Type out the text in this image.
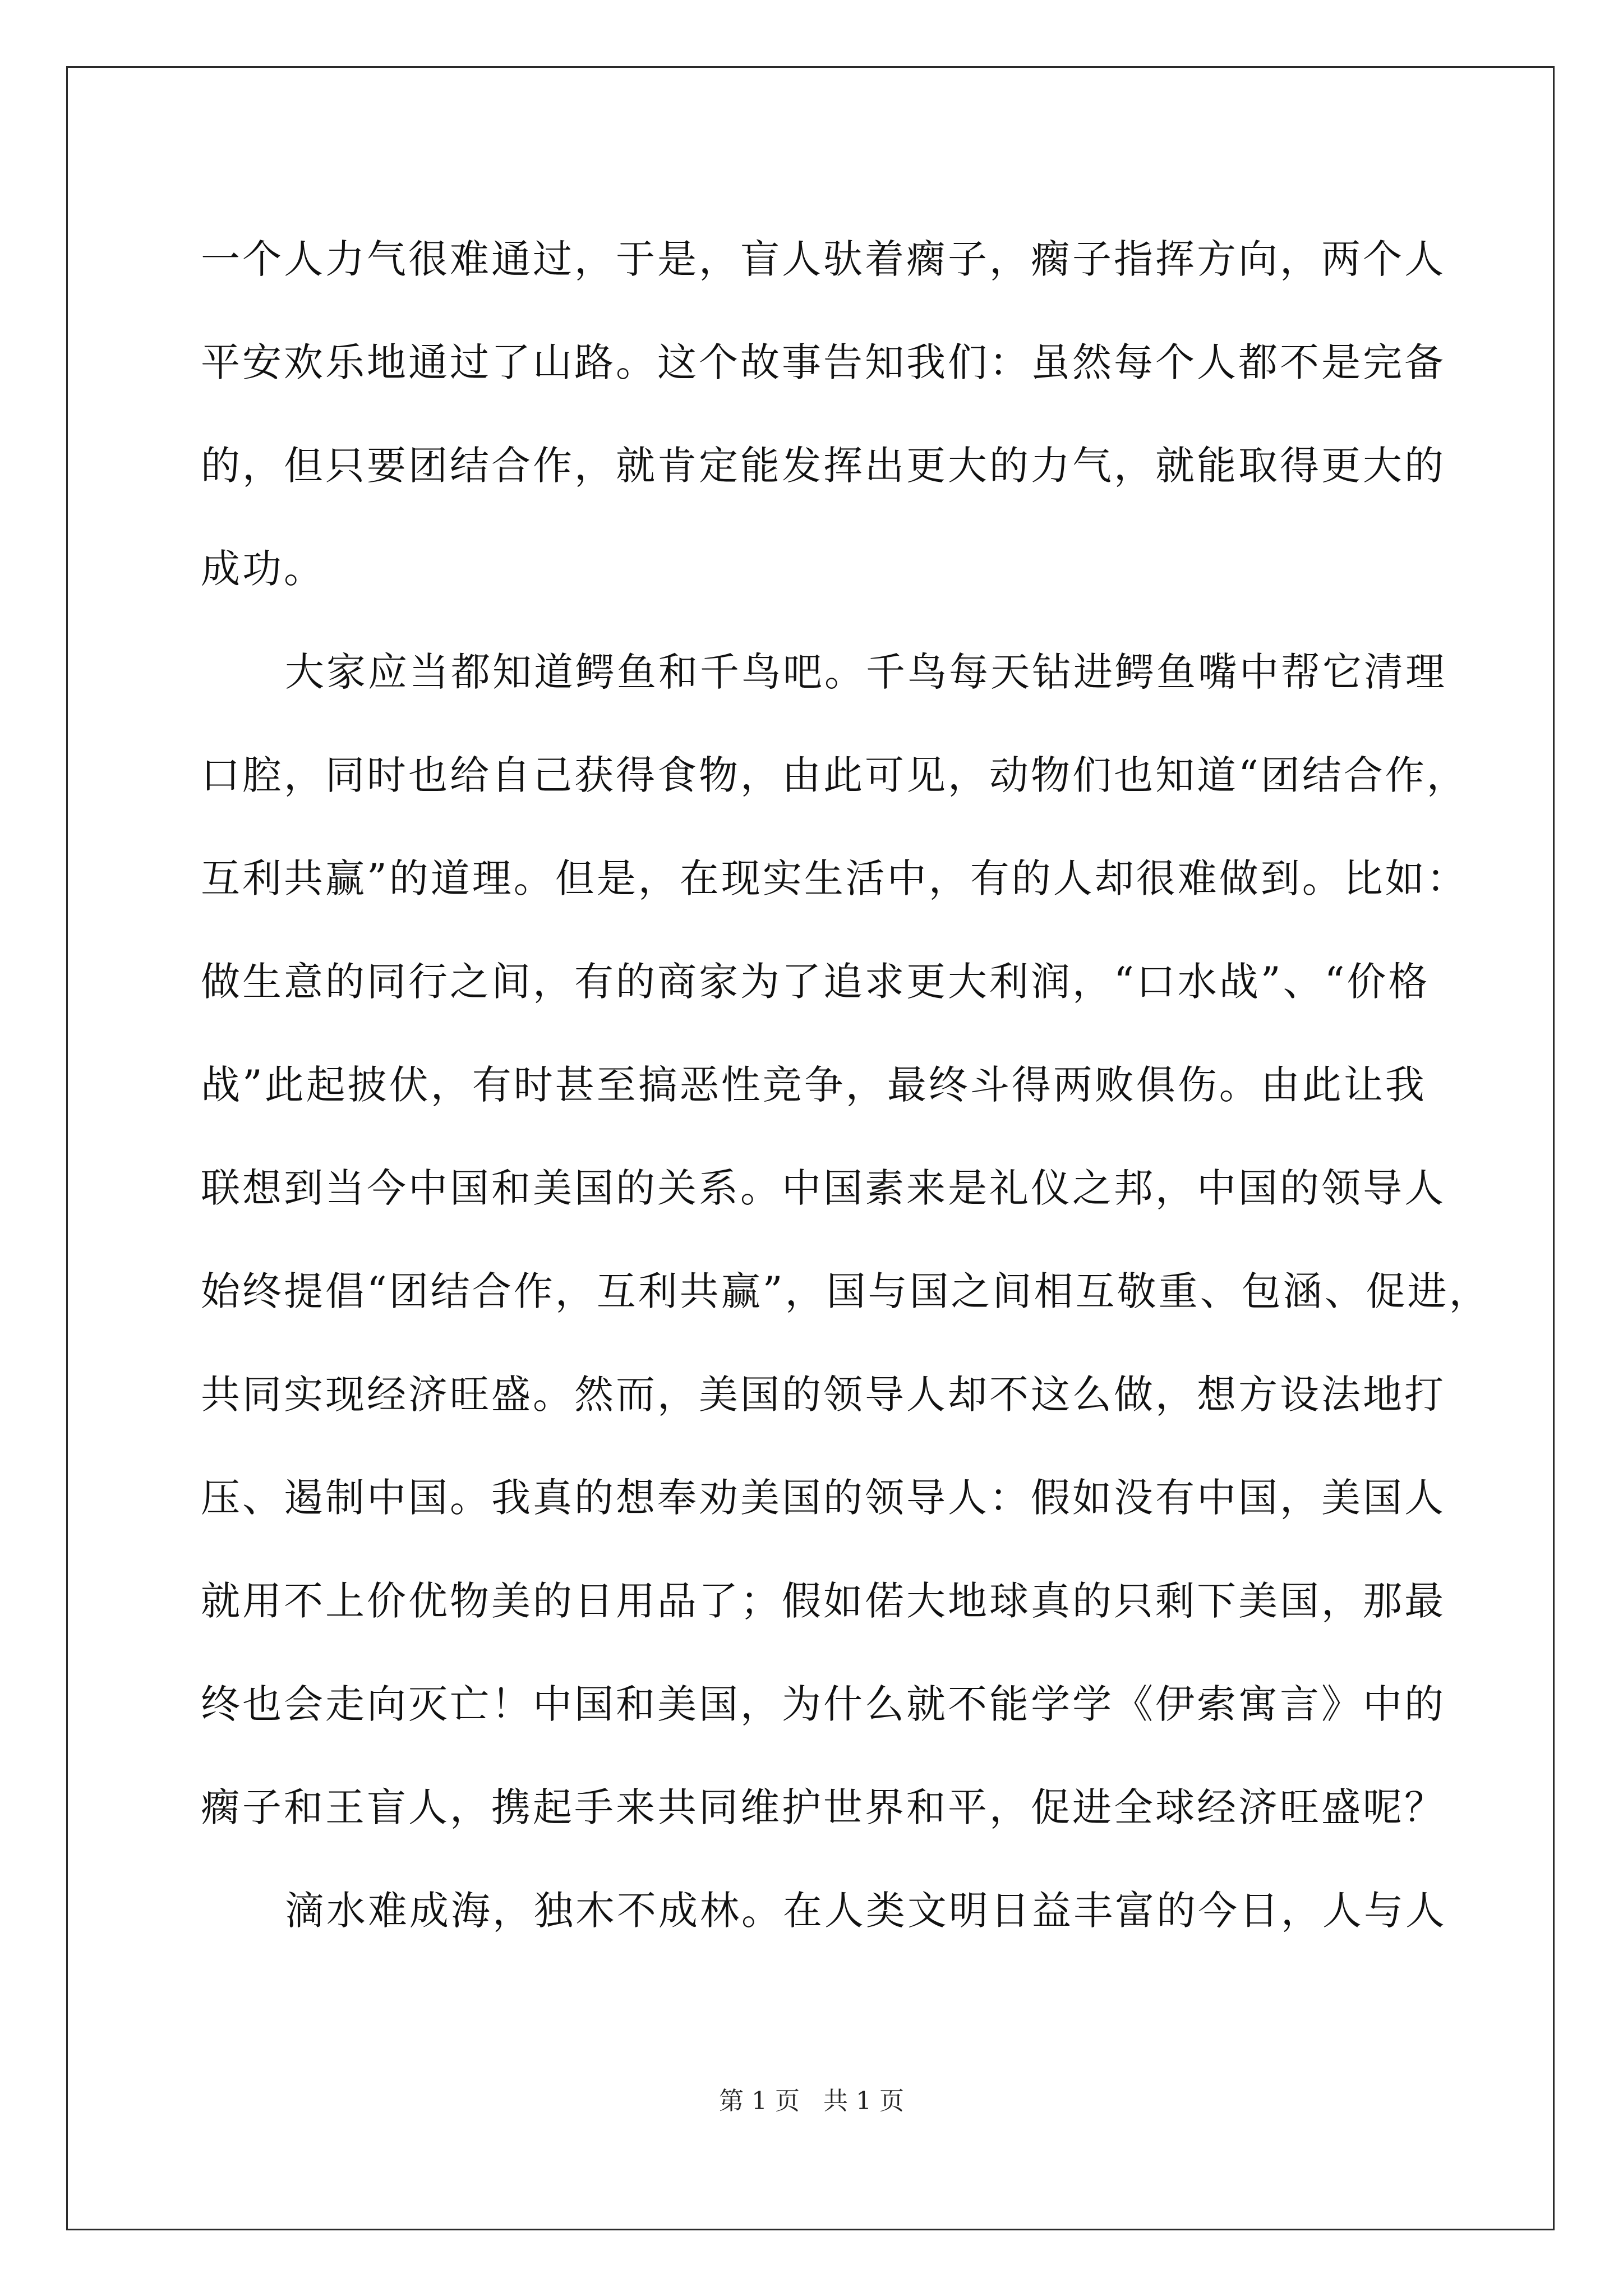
一个人力气很难通过，于是，盲人驮着瘸子，瘸子指挥方向，两个人
平安欢乐地通过了山路。这个故事告知我们：虽然每个人都不是完备
的，但只要团结合作，就肯定能发挥出更大的力气，就能取得更大的
成功。
大家应当都知道鳄鱼和千鸟吧。千鸟每天钻进鳄鱼嘴中帮它清理
口腔，同时也给自己获得食物，由此可见，动物们也知道“团结合作，
互利共赢”的道理。但是，在现实生活中，有的人却很难做到。比如：
做生意的同行之间，有的商家为了追求更大利润，“口水战”、“价格
战”此起披伏，有时甚至搞恶性竞争，最终斗得两败俱伤。由此让我
联想到当今中国和美国的关系。中国素来是礼仪之邦，中国的领导人
始终提倡“团结合作，互利共赢”，国与国之间相互敬重、包涵、促进，
共同实现经济旺盛。然而，美国的领导人却不这么做，想方设法地打
压、遏制中国。我真的想奉劝美国的领导人：假如没有中国，美国人
就用不上价优物美的日用品了；假如偌大地球真的只剩下美国，那最
终也会走向灭亡！中国和美国，为什么就不能学学《伊索寓言》中的
瘸子和王盲人，携起手来共同维护世界和平，促进全球经济旺盛呢？
滴水难成海，独木不成林。在人类文明日益丰富的今日，人与人
第 1 页   共 1 页
